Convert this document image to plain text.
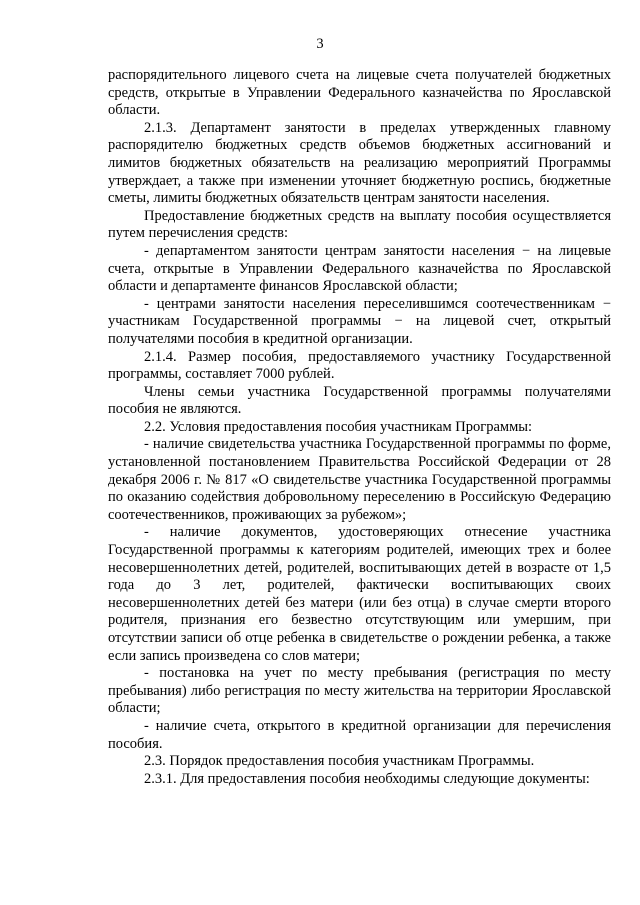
3

распорядительного лицевого счета на лицевые счета получателей бюджетных средств, открытые в Управлении Федерального казначейства по Ярославской области.

2.1.3. Департамент занятости в пределах утвержденных главному распорядителю бюджетных средств объемов бюджетных ассигнований и лимитов бюджетных обязательств на реализацию мероприятий Программы утверждает, а также при изменении уточняет бюджетную роспись, бюджетные сметы, лимиты бюджетных обязательств центрам занятости населения.

Предоставление бюджетных средств на выплату пособия осуществляется путем перечисления средств:

- департаментом занятости центрам занятости населения − на лицевые счета, открытые в Управлении Федерального казначейства по Ярославской области и департаменте финансов Ярославской области;

- центрами занятости населения переселившимся соотечественникам − участникам Государственной программы − на лицевой счет, открытый получателями пособия в кредитной организации.

2.1.4. Размер пособия, предоставляемого участнику Государственной программы, составляет 7000 рублей.

Члены семьи участника Государственной программы получателями пособия не являются.

2.2. Условия предоставления пособия участникам Программы:

- наличие свидетельства участника Государственной программы по форме, установленной постановлением Правительства Российской Федерации от 28 декабря 2006 г. № 817 «О свидетельстве участника Государственной программы по оказанию содействия добровольному переселению в Российскую Федерацию соотечественников, проживающих за рубежом»;

- наличие документов, удостоверяющих отнесение участника Государственной программы к категориям родителей, имеющих трех и более несовершеннолетних детей, родителей, воспитывающих детей в возрасте от 1,5 года до 3 лет, родителей, фактически воспитывающих своих несовершеннолетних детей без матери (или без отца) в случае смерти второго родителя, признания его безвестно отсутствующим или умершим, при отсутствии записи об отце ребенка в свидетельстве о рождении ребенка, а также если запись произведена со слов матери;

- постановка на учет по месту пребывания (регистрация по месту пребывания) либо регистрация по месту жительства на территории Ярославской области;

- наличие счета, открытого в кредитной организации для перечисления пособия.

2.3. Порядок предоставления пособия участникам Программы.

2.3.1. Для предоставления пособия необходимы следующие документы:
